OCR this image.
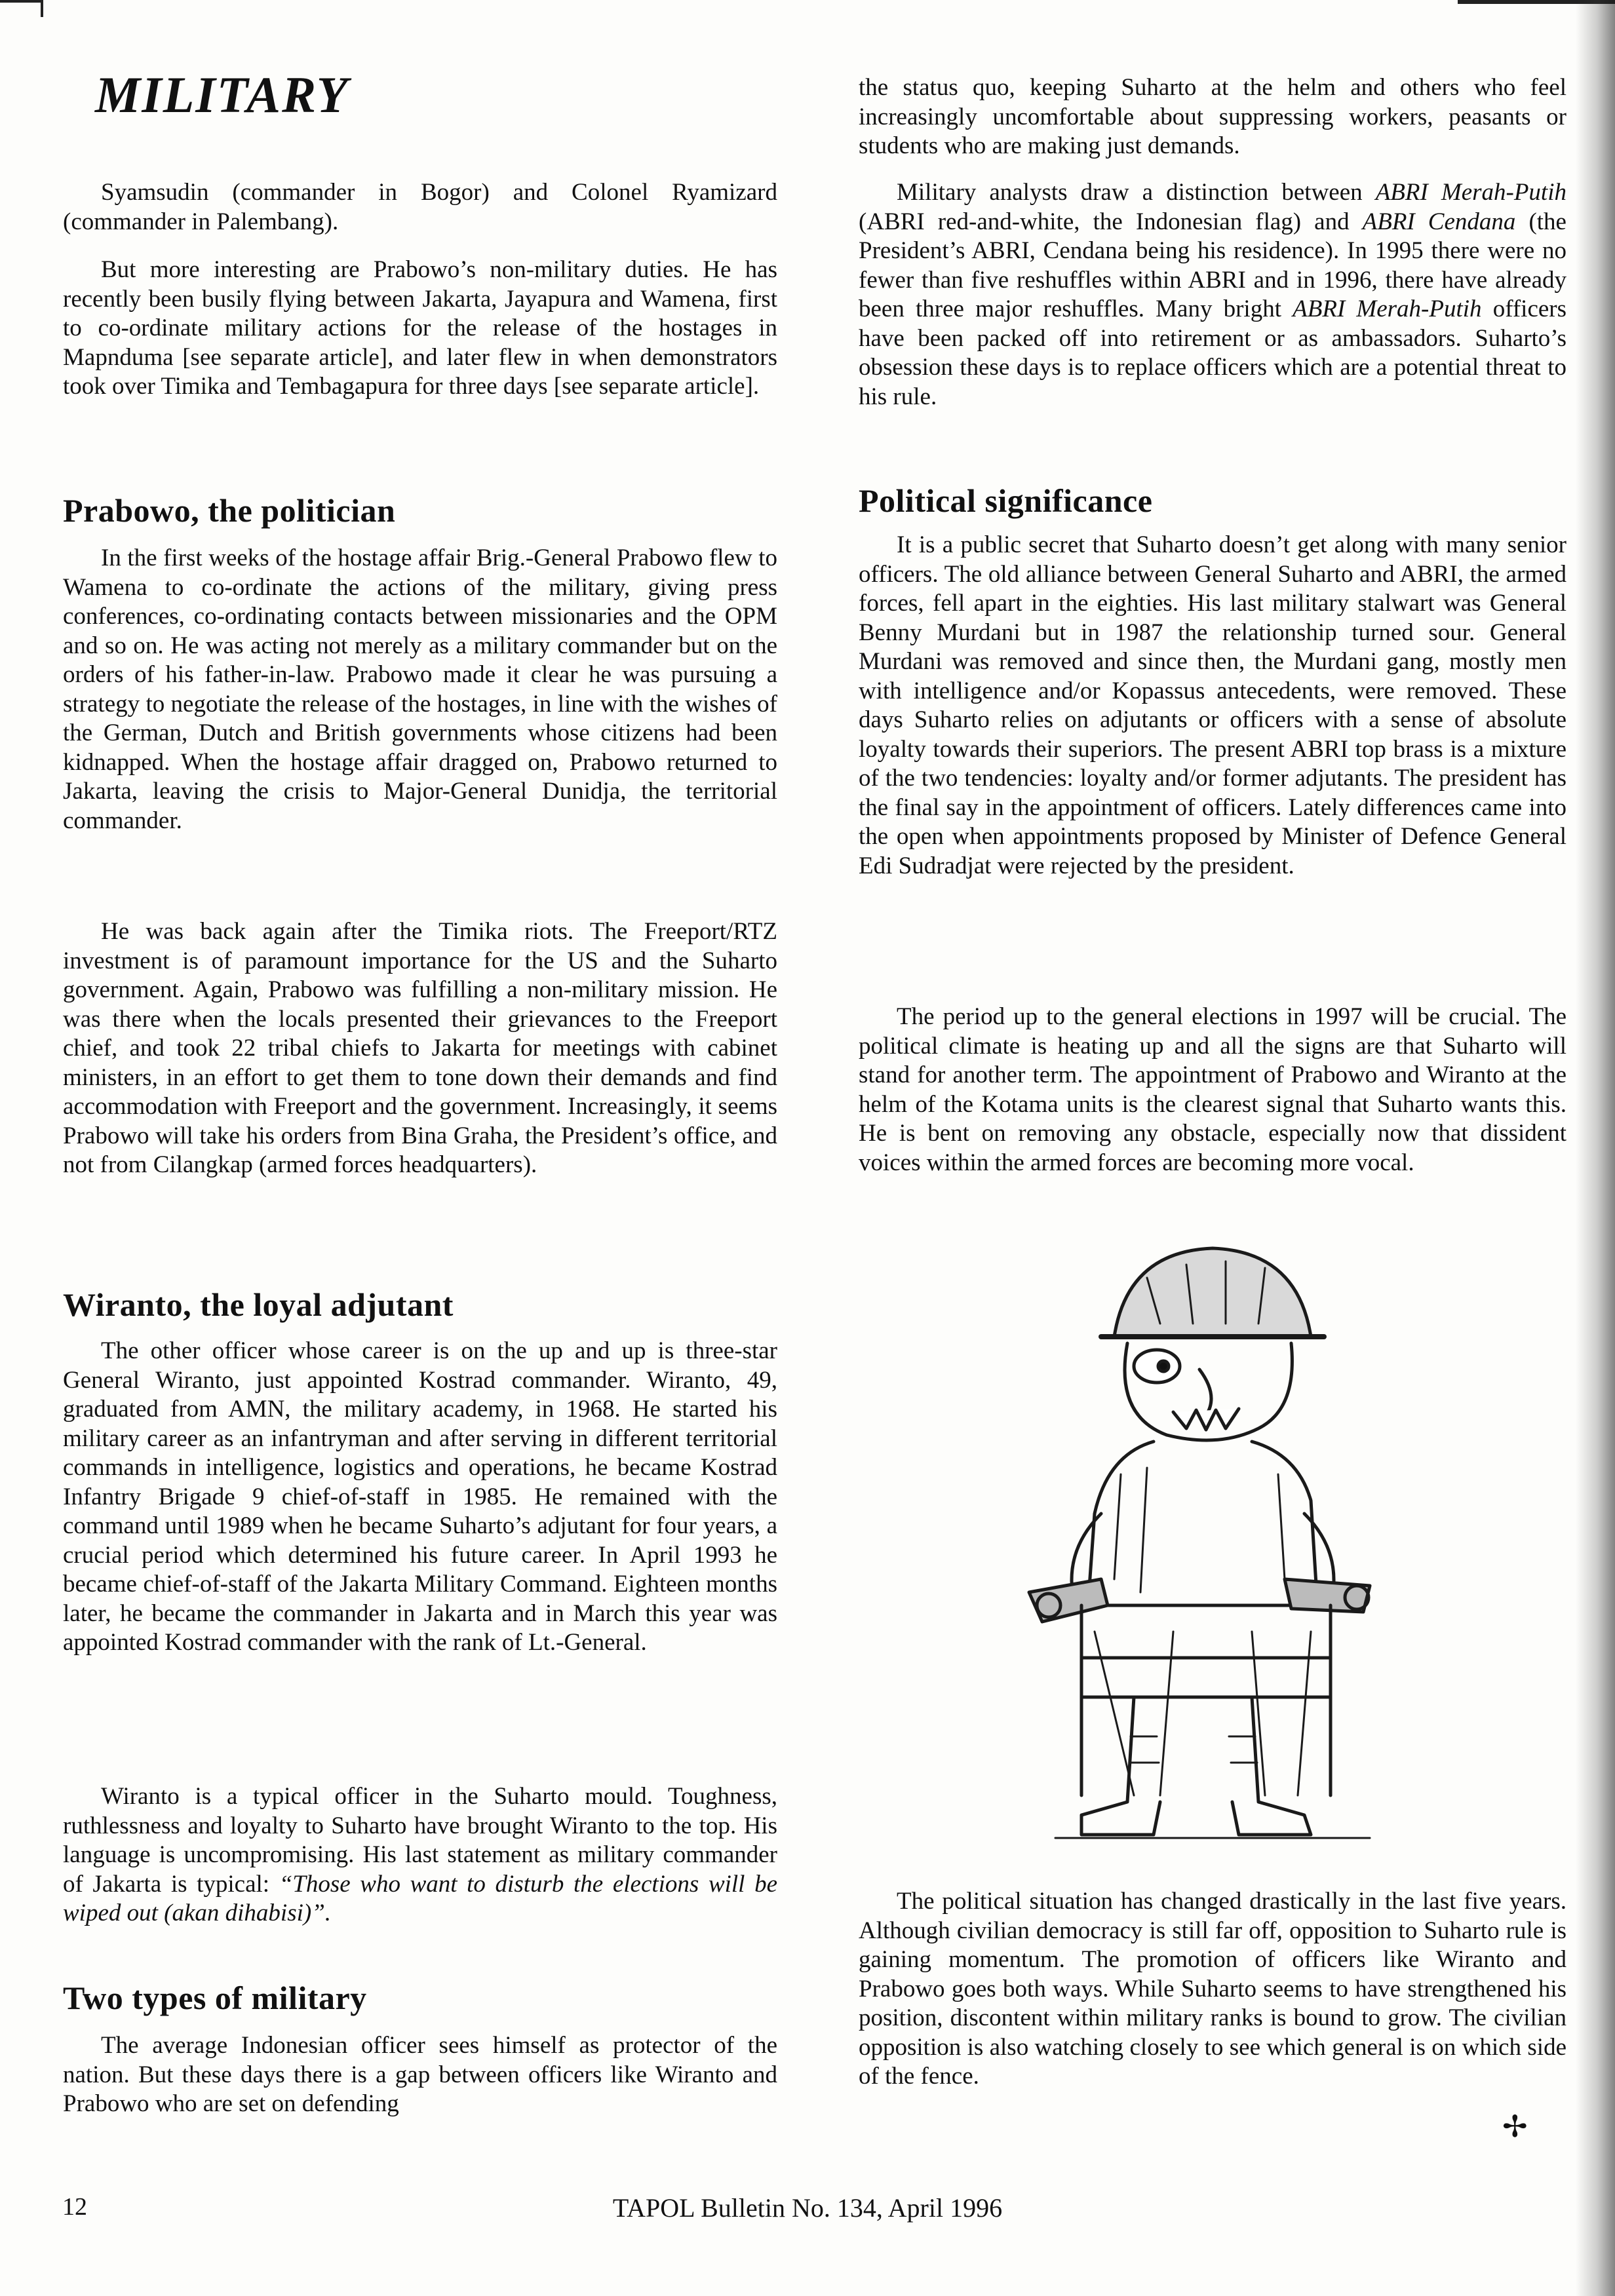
MILITARY

Syamsudin (commander in Bogor) and Colonel Ryamizard (commander in Palembang).

But more interesting are Prabowo’s non-military duties. He has recently been busily flying between Jakarta, Jayapura and Wamena, first to co-ordinate military actions for the release of the hostages in Mapnduma [see separate article], and later flew in when demonstrators took over Timika and Tembagapura for three days [see separate article].

Prabowo, the politician

In the first weeks of the hostage affair Brig.-General Prabowo flew to Wamena to co-ordinate the actions of the military, giving press conferences, co-ordinating contacts between missionaries and the OPM and so on. He was acting not merely as a military commander but on the orders of his father-in-law. Prabowo made it clear he was pursuing a strategy to negotiate the release of the hostages, in line with the wishes of the German, Dutch and British governments whose citizens had been kidnapped. When the hostage affair dragged on, Prabowo returned to Jakarta, leaving the crisis to Major-General Dunidja, the territorial commander.

He was back again after the Timika riots. The Freeport/RTZ investment is of paramount importance for the US and the Suharto government. Again, Prabowo was fulfilling a non-military mission. He was there when the locals presented their grievances to the Freeport chief, and took 22 tribal chiefs to Jakarta for meetings with cabinet ministers, in an effort to get them to tone down their demands and find accommodation with Freeport and the government. Increasingly, it seems Prabowo will take his orders from Bina Graha, the President’s office, and not from Cilangkap (armed forces headquarters).

Wiranto, the loyal adjutant

The other officer whose career is on the up and up is three-star General Wiranto, just appointed Kostrad commander. Wiranto, 49, graduated from AMN, the military academy, in 1968. He started his military career as an infantryman and after serving in different territorial commands in intelligence, logistics and operations, he became Kostrad Infantry Brigade 9 chief-of-staff in 1985. He remained with the command until 1989 when he became Suharto’s adjutant for four years, a crucial period which determined his future career. In April 1993 he became chief-of-staff of the Jakarta Military Command. Eighteen months later, he became the commander in Jakarta and in March this year was appointed Kostrad commander with the rank of Lt.-General.

Wiranto is a typical officer in the Suharto mould. Toughness, ruthlessness and loyalty to Suharto have brought Wiranto to the top. His language is uncompromising. His last statement as military commander of Jakarta is typical: “Those who want to disturb the elections will be wiped out (akan dihabisi)”.

Two types of military

The average Indonesian officer sees himself as protector of the nation. But these days there is a gap between officers like Wiranto and Prabowo who are set on defending

the status quo, keeping Suharto at the helm and others who feel increasingly uncomfortable about suppressing workers, peasants or students who are making just demands.

Military analysts draw a distinction between ABRI Merah-Putih (ABRI red-and-white, the Indonesian flag) and ABRI Cendana (the President’s ABRI, Cendana being his residence). In 1995 there were no fewer than five reshuffles within ABRI and in 1996, there have already been three major reshuffles. Many bright ABRI Merah-Putih officers have been packed off into retirement or as ambassadors. Suharto’s obsession these days is to replace officers which are a potential threat to his rule.

Political significance

It is a public secret that Suharto doesn’t get along with many senior officers. The old alliance between General Suharto and ABRI, the armed forces, fell apart in the eighties. His last military stalwart was General Benny Murdani but in 1987 the relationship turned sour. General Murdani was removed and since then, the Murdani gang, mostly men with intelligence and/or Kopassus antecedents, were removed. These days Suharto relies on adjutants or officers with a sense of absolute loyalty towards their superiors. The present ABRI top brass is a mixture of the two tendencies: loyalty and/or former adjutants. The president has the final say in the appointment of officers. Lately differences came into the open when appointments proposed by Minister of Defence General Edi Sudradjat were rejected by the president.

The period up to the general elections in 1997 will be crucial. The political climate is heating up and all the signs are that Suharto will stand for another term. The appointment of Prabowo and Wiranto at the helm of the Kotama units is the clearest signal that Suharto wants this. He is bent on removing any obstacle, especially now that dissident voices within the armed forces are becoming more vocal.

The political situation has changed drastically in the last five years. Although civilian democracy is still far off, opposition to Suharto rule is gaining momentum. The promotion of officers like Wiranto and Prabowo goes both ways. While Suharto seems to have strengthened his position, discontent within military ranks is bound to grow. The civilian opposition is also watching closely to see which general is on which side of the fence.

✢
12	TAPOL Bulletin No. 134, April 1996
